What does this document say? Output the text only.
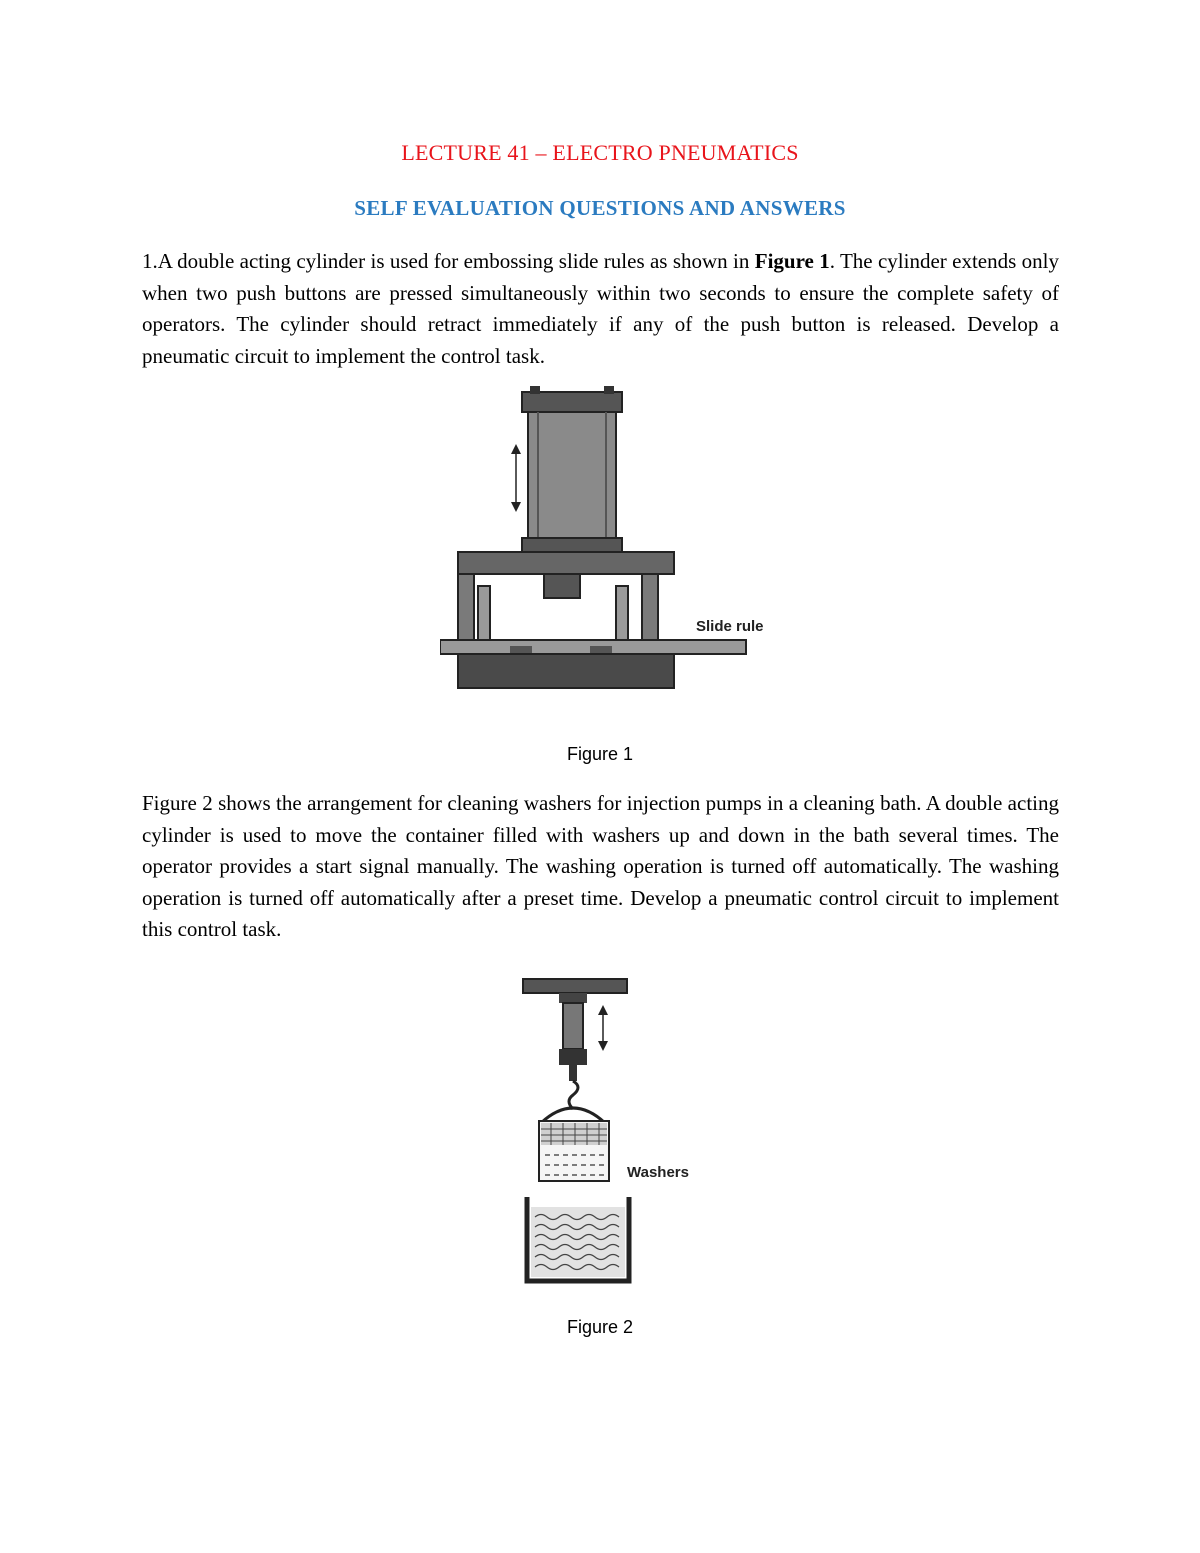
LECTURE 41 – ELECTRO PNEUMATICS
SELF EVALUATION QUESTIONS AND ANSWERS

1.A double acting cylinder is used for embossing slide rules as shown in Figure 1. The cylinder extends only when two push buttons are pressed simultaneously within two seconds to ensure the complete safety of operators. The cylinder should retract immediately if any of the push button is released. Develop a pneumatic circuit to implement the control task.

Slide rule
Figure 1

Figure 2 shows the arrangement for cleaning washers for injection pumps in a cleaning bath. A double acting cylinder is used to move the container filled with washers up and down in the bath several times. The operator provides a start signal manually. The washing operation is turned off automatically. The washing operation is turned off automatically after a preset time. Develop a pneumatic control circuit to implement this control task.

Washers
Figure 2
